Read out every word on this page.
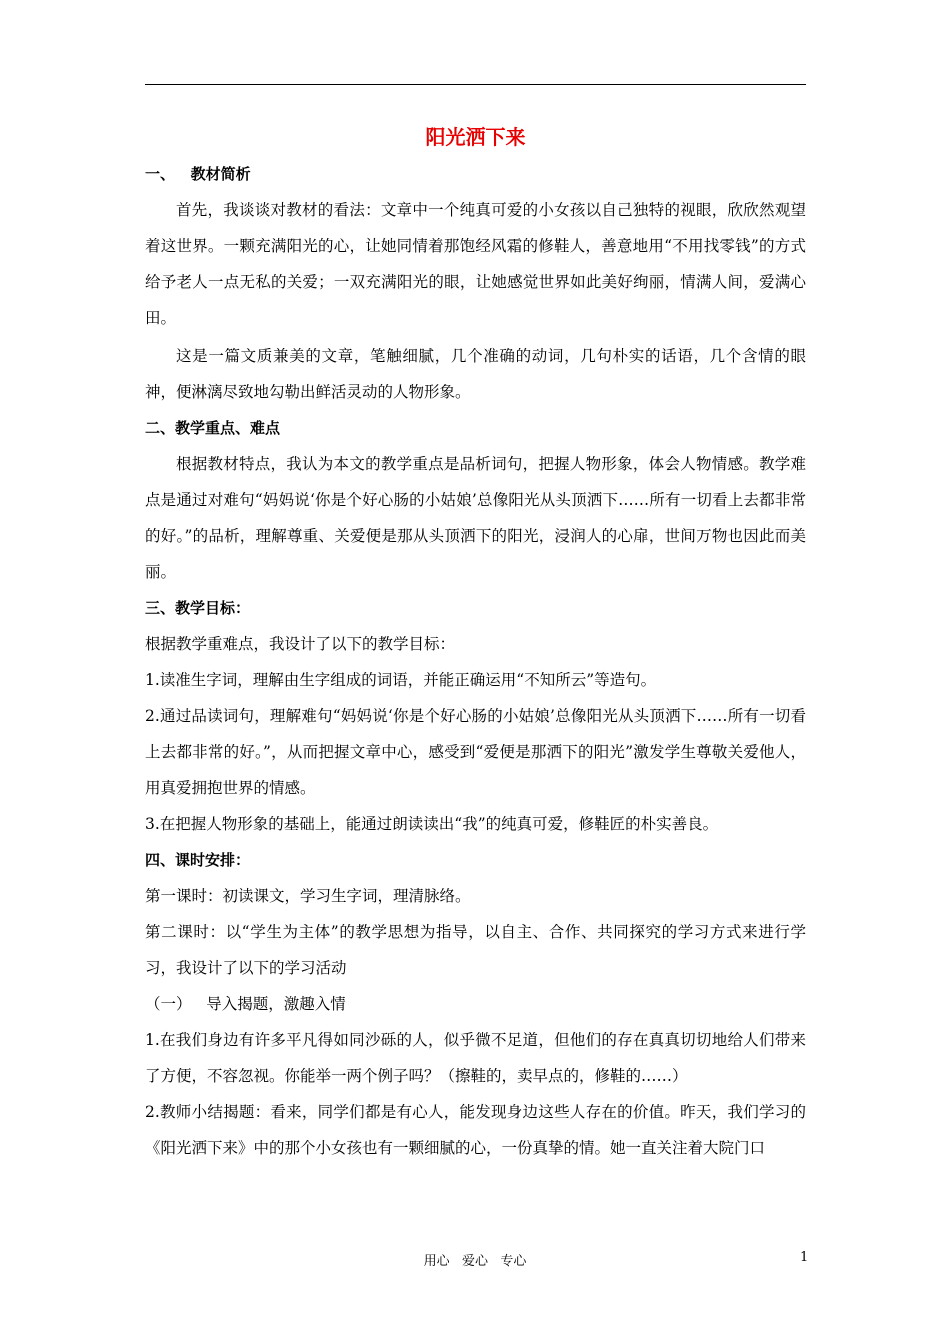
阳光洒下来
一、   教材简析

首先，我谈谈对教材的看法：文章中一个纯真可爱的小女孩以自己独特的视眼，欣欣然观望着这世界。一颗充满阳光的心，让她同情着那饱经风霜的修鞋人，善意地用“不用找零钱”的方式给予老人一点无私的关爱；一双充满阳光的眼，让她感觉世界如此美好绚丽，情满人间，爱满心田。

这是一篇文质兼美的文章，笔触细腻，几个准确的动词，几句朴实的话语，几个含情的眼神，便淋漓尽致地勾勒出鲜活灵动的人物形象。

二、教学重点、难点

根据教材特点，我认为本文的教学重点是品析词句，把握人物形象，体会人物情感。教学难点是通过对难句“妈妈说‘你是个好心肠的小姑娘’总像阳光从头顶洒下……所有一切看上去都非常的好。”的品析，理解尊重、关爱便是那从头顶洒下的阳光，浸润人的心扉，世间万物也因此而美丽。

三、教学目标：

根据教学重难点，我设计了以下的教学目标：

1.读准生字词，理解由生字组成的词语，并能正确运用“不知所云”等造句。

2.通过品读词句，理解难句“妈妈说‘你是个好心肠的小姑娘’总像阳光从头顶洒下……所有一切看上去都非常的好。”，从而把握文章中心，感受到“爱便是那洒下的阳光”激发学生尊敬关爱他人，用真爱拥抱世界的情感。

3.在把握人物形象的基础上，能通过朗读读出“我”的纯真可爱，修鞋匠的朴实善良。

四、课时安排：

第一课时：初读课文，学习生字词，理清脉络。

第二课时：以“学生为主体”的教学思想为指导，以自主、合作、共同探究的学习方式来进行学习，我设计了以下的学习活动

（一）   导入揭题，激趣入情

1.在我们身边有许多平凡得如同沙砾的人，似乎微不足道，但他们的存在真真切切地给人们带来了方便，不容忽视。你能举一两个例子吗？（擦鞋的，卖早点的，修鞋的……）

2.教师小结揭题：看来，同学们都是有心人，能发现身边这些人存在的价值。昨天，我们学习的《阳光洒下来》中的那个小女孩也有一颗细腻的心，一份真挚的情。她一直关注着大院门口

用心   爱心   专心	1
